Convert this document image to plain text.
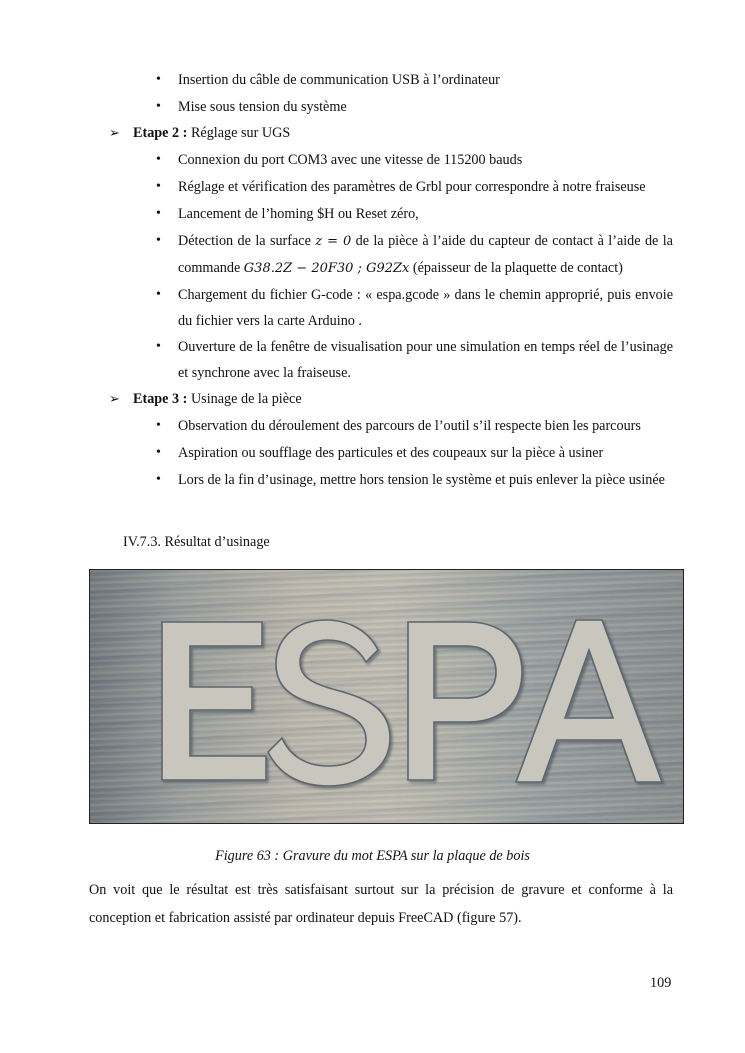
• Insertion du câble de communication USB à l’ordinateur
• Mise sous tension du système
➢ Etape 2 : Réglage sur UGS
• Connexion du port COM3 avec une vitesse de 115200 bauds
• Réglage et vérification des paramètres de Grbl pour correspondre à notre fraiseuse
• Lancement de l’homing $H ou Reset zéro,
• Détection de la surface z = 0 de la pièce à l’aide du capteur de contact à l’aide de la commande G38.2Z − 20F30 ; G92Zx (épaisseur de la plaquette de contact)
• Chargement du fichier G-code : « espa.gcode » dans le chemin approprié, puis envoie du fichier vers la carte Arduino .
• Ouverture de la fenêtre de visualisation pour une simulation en temps réel de l’usinage et synchrone avec la fraiseuse.
➢ Etape 3 : Usinage de la pièce
• Observation du déroulement des parcours de l’outil s’il respecte bien les parcours
• Aspiration ou soufflage des particules et des coupeaux sur la pièce à usiner
• Lors de la fin d’usinage, mettre hors tension le système et puis enlever la pièce usinée
IV.7.3. Résultat d’usinage
Figure 63 : Gravure du mot ESPA sur la plaque de bois

On voit que le résultat est très satisfaisant surtout sur la précision de gravure et conforme à la conception et fabrication assisté par ordinateur depuis FreeCAD (figure 57).

109
